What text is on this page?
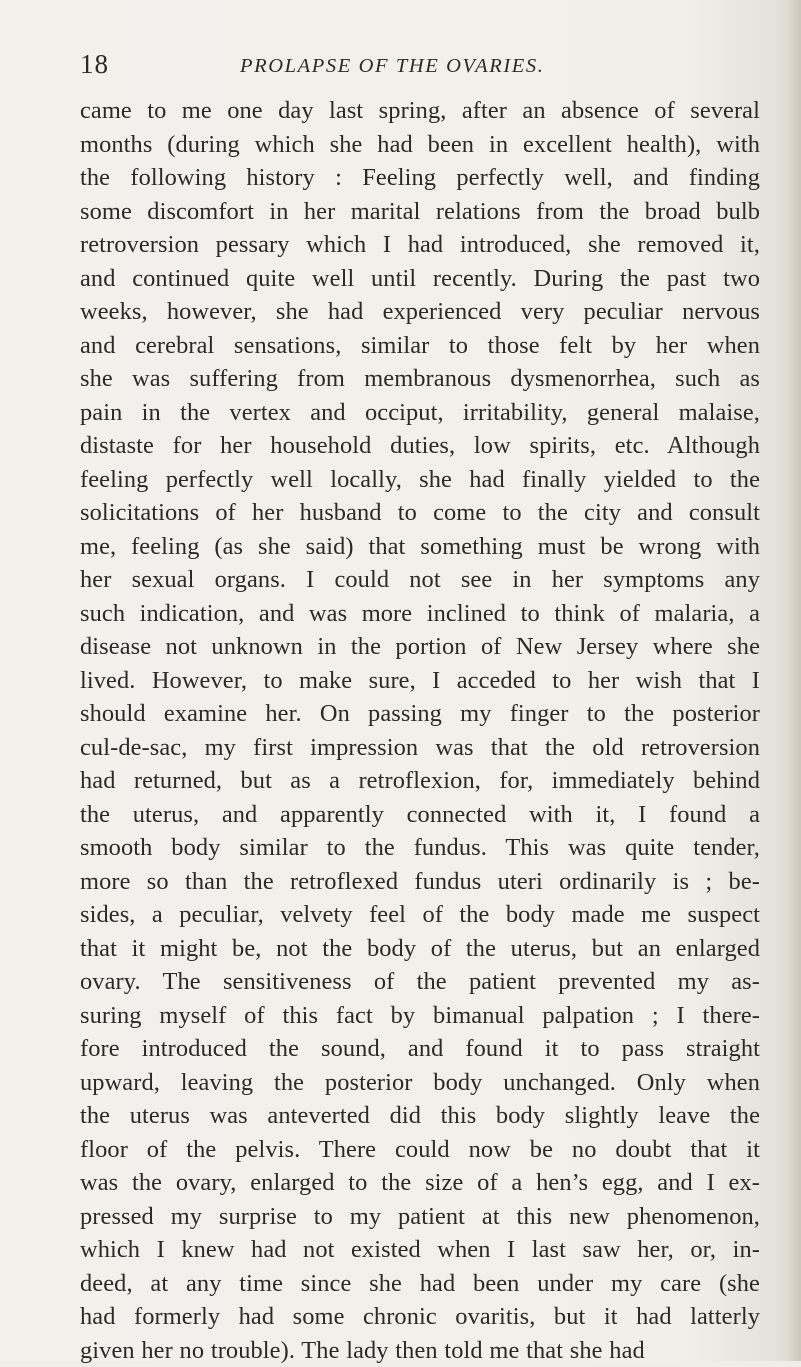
18	PROLAPSE OF THE OVARIES.
came to me one day last spring, after an absence of several
months (during which she had been in excellent health), with
the following history : Feeling perfectly well, and finding
some discomfort in her marital relations from the broad bulb
retroversion pessary which I had introduced, she removed it,
and continued quite well until recently. During the past two
weeks, however, she had experienced very peculiar nervous
and cerebral sensations, similar to those felt by her when
she was suffering from membranous dysmenorrhea, such as
pain in the vertex and occiput, irritability, general malaise,
distaste for her household duties, low spirits, etc. Although
feeling perfectly well locally, she had finally yielded to the
solicitations of her husband to come to the city and consult
me, feeling (as she said) that something must be wrong with
her sexual organs. I could not see in her symptoms any
such indication, and was more inclined to think of malaria, a
disease not unknown in the portion of New Jersey where she
lived. However, to make sure, I acceded to her wish that I
should examine her. On passing my finger to the posterior
cul-de-sac, my first impression was that the old retroversion
had returned, but as a retroflexion, for, immediately behind
the uterus, and apparently connected with it, I found a
smooth body similar to the fundus. This was quite tender,
more so than the retroflexed fundus uteri ordinarily is ; be-
sides, a peculiar, velvety feel of the body made me suspect
that it might be, not the body of the uterus, but an enlarged
ovary. The sensitiveness of the patient prevented my as-
suring myself of this fact by bimanual palpation ; I there-
fore introduced the sound, and found it to pass straight
upward, leaving the posterior body unchanged. Only when
the uterus was anteverted did this body slightly leave the
floor of the pelvis. There could now be no doubt that it
was the ovary, enlarged to the size of a hen’s egg, and I ex-
pressed my surprise to my patient at this new phenomenon,
which I knew had not existed when I last saw her, or, in-
deed, at any time since she had been under my care (she
had formerly had some chronic ovaritis, but it had latterly
given her no trouble). The lady then told me that she had
